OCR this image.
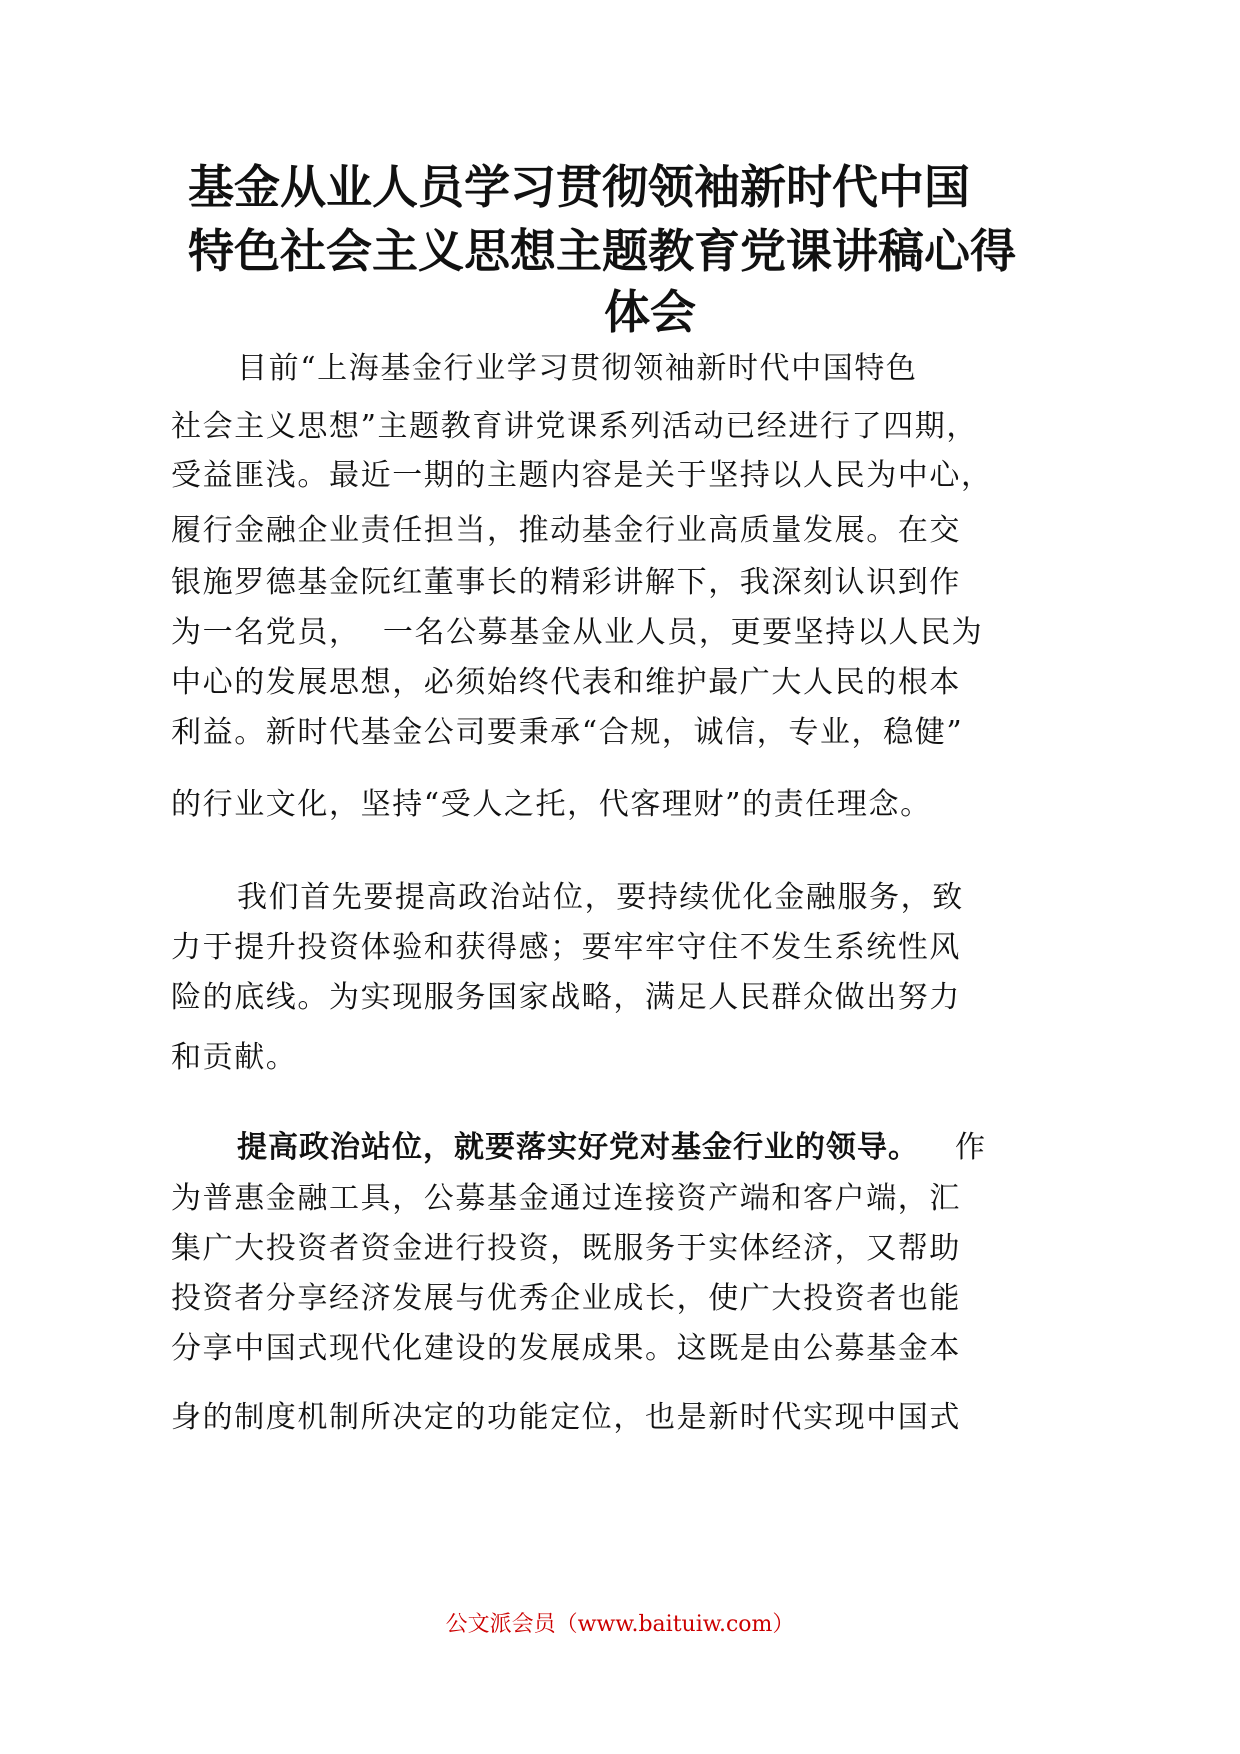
基金从业人员学习贯彻领袖新时代中国
特色社会主义思想主题教育党课讲稿心得
体会
目前“上海基金行业学习贯彻领袖新时代中国特色
社会主义思想”主题教育讲党课系列活动已经进行了四期，
受益匪浅。最近一期的主题内容是关于坚持以人民为中心，
履行金融企业责任担当，推动基金行业高质量发展。在交
银施罗德基金阮红董事长的精彩讲解下，我深刻认识到作
为一名党员，  一名公募基金从业人员，更要坚持以人民为
中心的发展思想，必须始终代表和维护最广大人民的根本
利益。新时代基金公司要秉承“合规，诚信，专业，稳健”
的行业文化，坚持“受人之托，代客理财”的责任理念。
我们首先要提高政治站位，要持续优化金融服务，致
力于提升投资体验和获得感；要牢牢守住不发生系统性风
险的底线。为实现服务国家战略，满足人民群众做出努力
和贡献。
提高政治站位，就要落实好党对基金行业的领导。 作
为普惠金融工具，公募基金通过连接资产端和客户端，汇
集广大投资者资金进行投资，既服务于实体经济，又帮助
投资者分享经济发展与优秀企业成长，使广大投资者也能
分享中国式现代化建设的发展成果。这既是由公募基金本
身的制度机制所决定的功能定位，也是新时代实现中国式
公文派会员（www.baituiw.com）
